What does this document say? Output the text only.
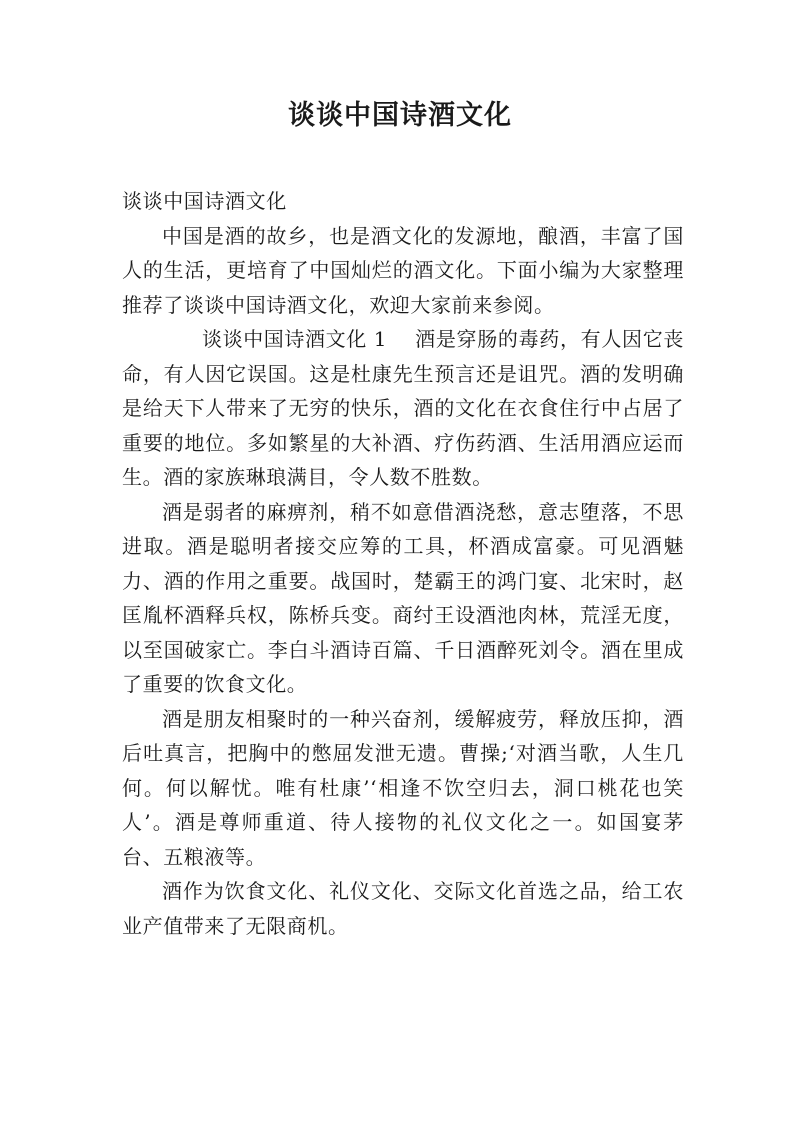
谈谈中国诗酒文化

谈谈中国诗酒文化

中国是酒的故乡，也是酒文化的发源地，酿酒，丰富了国人的生活，更培育了中国灿烂的酒文化。下面小编为大家整理推荐了谈谈中国诗酒文化，欢迎大家前来参阅。

谈谈中国诗酒文化 1 酒是穿肠的毒药，有人因它丧命，有人因它误国。这是杜康先生预言还是诅咒。酒的发明确是给天下人带来了无穷的快乐，酒的文化在衣食住行中占居了重要的地位。多如繁星的大补酒、疗伤药酒、生活用酒应运而生。酒的家族琳琅满目，令人数不胜数。

酒是弱者的麻痹剂，稍不如意借酒浇愁，意志堕落，不思进取。酒是聪明者接交应筹的工具，杯酒成富豪。可见酒魅力、酒的作用之重要。战国时，楚霸王的鸿门宴、北宋时，赵匡胤杯酒释兵权，陈桥兵变。商纣王设酒池肉林，荒淫无度，以至国破家亡。李白斗酒诗百篇、千日酒醉死刘令。酒在里成了重要的饮食文化。

酒是朋友相聚时的一种兴奋剂，缓解疲劳，释放压抑，酒后吐真言，把胸中的憋屈发泄无遗。曹操;‘对酒当歌，人生几何。何以解忧。唯有杜康’‘相逢不饮空归去，洞口桃花也笑人’。酒是尊师重道、待人接物的礼仪文化之一。如国宴茅台、五粮液等。

酒作为饮食文化、礼仪文化、交际文化首选之品，给工农业产值带来了无限商机。
